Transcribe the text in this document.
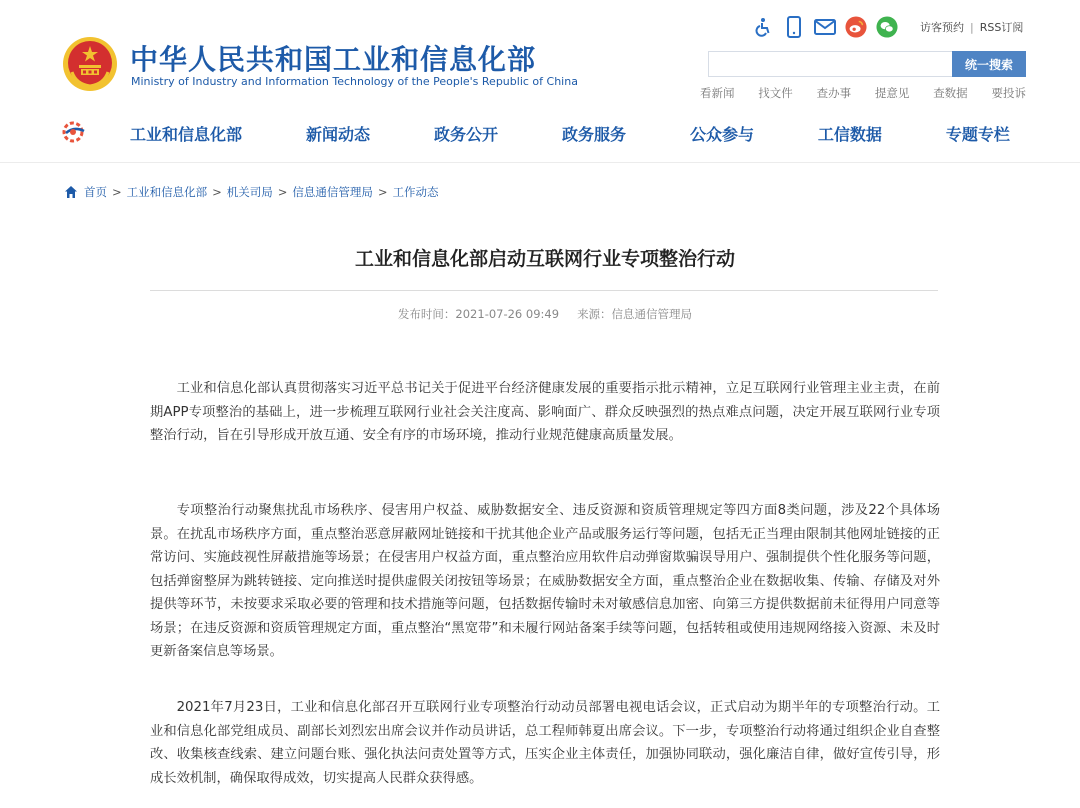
中华人民共和国工业和信息化部
Ministry of Industry and Information Technology of the People's Republic of China
访客预约 | RSS订阅
统一搜索
看新闻 找文件 查办事 提意见 查数据 要投诉
工业和信息化部	新闻动态	政务公开	政务服务	公众参与	工信数据	专题专栏
首页 > 工业和信息化部 > 机关司局 > 信息通信管理局 > 工作动态
工业和信息化部启动互联网行业专项整治行动
发布时间：2021-07-26 09:49 来源：信息通信管理局

工业和信息化部认真贯彻落实习近平总书记关于促进平台经济健康发展的重要指示批示精神，立足互联网行业管理主业主责，在前期APP专项整治的基础上，进一步梳理互联网行业社会关注度高、影响面广、群众反映强烈的热点难点问题，决定开展互联网行业专项整治行动，旨在引导形成开放互通、安全有序的市场环境，推动行业规范健康高质量发展。

专项整治行动聚焦扰乱市场秩序、侵害用户权益、威胁数据安全、违反资源和资质管理规定等四方面8类问题，涉及22个具体场景。在扰乱市场秩序方面，重点整治恶意屏蔽网址链接和干扰其他企业产品或服务运行等问题，包括无正当理由限制其他网址链接的正常访问、实施歧视性屏蔽措施等场景；在侵害用户权益方面，重点整治应用软件启动弹窗欺骗误导用户、强制提供个性化服务等问题，包括弹窗整屏为跳转链接、定向推送时提供虚假关闭按钮等场景；在威胁数据安全方面，重点整治企业在数据收集、传输、存储及对外提供等环节，未按要求采取必要的管理和技术措施等问题，包括数据传输时未对敏感信息加密、向第三方提供数据前未征得用户同意等场景；在违反资源和资质管理规定方面，重点整治“黑宽带”和未履行网站备案手续等问题，包括转租或使用违规网络接入资源、未及时更新备案信息等场景。

2021年7月23日，工业和信息化部召开互联网行业专项整治行动动员部署电视电话会议，正式启动为期半年的专项整治行动。工业和信息化部党组成员、副部长刘烈宏出席会议并作动员讲话，总工程师韩夏出席会议。下一步，专项整治行动将通过组织企业自查整改、收集核查线索、建立问题台账、强化执法问责处置等方式，压实企业主体责任，加强协同联动，强化廉洁自律，做好宣传引导，形成长效机制，确保取得成效，切实提高人民群众获得感。
